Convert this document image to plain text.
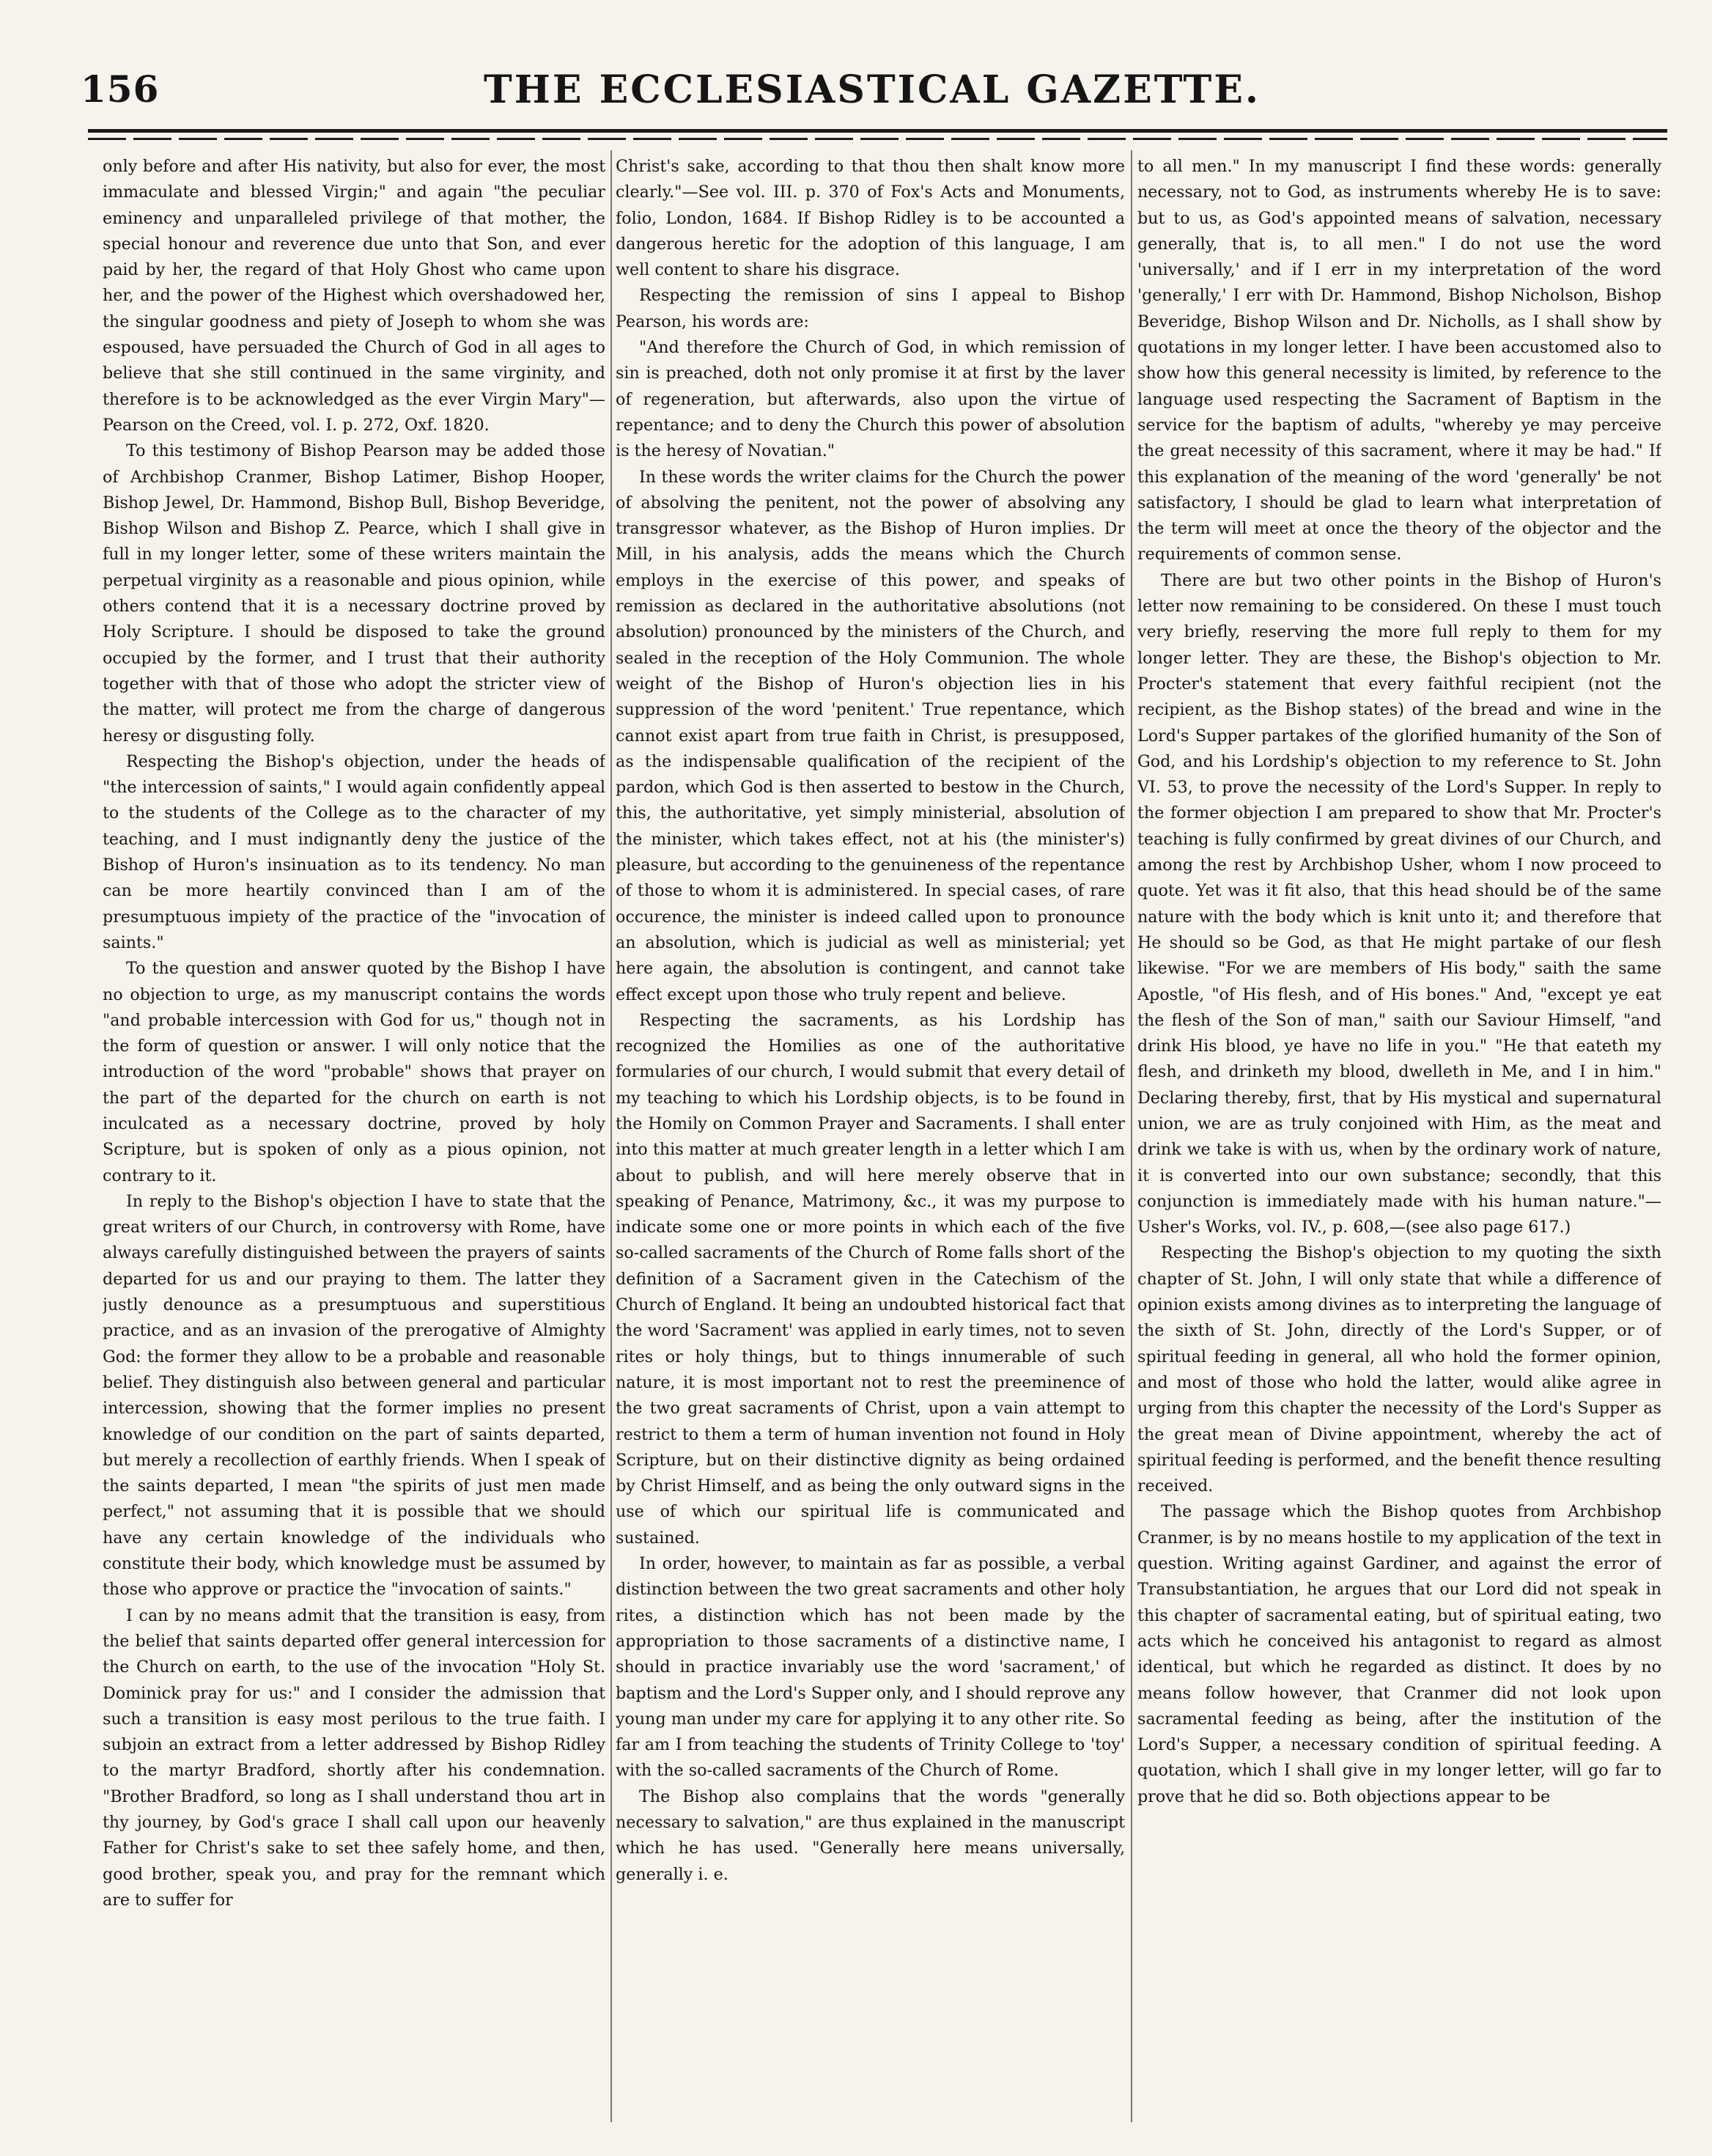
156	THE ECCLESIASTICAL GAZETTE.

only before and after His nativity, but also for ever, the most immaculate and blessed Virgin;" and again "the peculiar eminency and unparalleled privilege of that mother, the special honour and reverence due unto that Son, and ever paid by her, the regard of that Holy Ghost who came upon her, and the power of the Highest which overshadowed her, the singular goodness and piety of Joseph to whom she was espoused, have persuaded the Church of God in all ages to believe that she still continued in the same virginity, and therefore is to be acknowledged as the ever Virgin Mary"—Pearson on the Creed, vol. I. p. 272, Oxf. 1820.

To this testimony of Bishop Pearson may be added those of Archbishop Cranmer, Bishop Latimer, Bishop Hooper, Bishop Jewel, Dr. Hammond, Bishop Bull, Bishop Beveridge, Bishop Wilson and Bishop Z. Pearce, which I shall give in full in my longer letter, some of these writers maintain the perpetual virginity as a reasonable and pious opinion, while others contend that it is a necessary doctrine proved by Holy Scripture. I should be disposed to take the ground occupied by the former, and I trust that their authority together with that of those who adopt the stricter view of the matter, will protect me from the charge of dangerous heresy or disgusting folly.

Respecting the Bishop's objection, under the heads of "the intercession of saints," I would again confidently appeal to the students of the College as to the character of my teaching, and I must indignantly deny the justice of the Bishop of Huron's insinuation as to its tendency. No man can be more heartily convinced than I am of the presumptuous impiety of the practice of the "invocation of saints."

To the question and answer quoted by the Bishop I have no objection to urge, as my manuscript contains the words "and probable intercession with God for us," though not in the form of question or answer. I will only notice that the introduction of the word "probable" shows that prayer on the part of the departed for the church on earth is not inculcated as a necessary doctrine, proved by holy Scripture, but is spoken of only as a pious opinion, not contrary to it.

In reply to the Bishop's objection I have to state that the great writers of our Church, in controversy with Rome, have always carefully distinguished between the prayers of saints departed for us and our praying to them. The latter they justly denounce as a presumptuous and superstitious practice, and as an invasion of the prerogative of Almighty God: the former they allow to be a probable and reasonable belief. They distinguish also between general and particular intercession, showing that the former implies no present knowledge of our condition on the part of saints departed, but merely a recollection of earthly friends. When I speak of the saints departed, I mean "the spirits of just men made perfect," not assuming that it is possible that we should have any certain knowledge of the individuals who constitute their body, which knowledge must be assumed by those who approve or practice the "invocation of saints."

I can by no means admit that the transition is easy, from the belief that saints departed offer general intercession for the Church on earth, to the use of the invocation "Holy St. Dominick pray for us:" and I consider the admission that such a transition is easy most perilous to the true faith. I subjoin an extract from a letter addressed by Bishop Ridley to the martyr Bradford, shortly after his condemnation. "Brother Bradford, so long as I shall understand thou art in thy journey, by God's grace I shall call upon our heavenly Father for Christ's sake to set thee safely home, and then, good brother, speak you, and pray for the remnant which are to suffer for

Christ's sake, according to that thou then shalt know more clearly."—See vol. III. p. 370 of Fox's Acts and Monuments, folio, London, 1684. If Bishop Ridley is to be accounted a dangerous heretic for the adoption of this language, I am well content to share his disgrace.

Respecting the remission of sins I appeal to Bishop Pearson, his words are:

"And therefore the Church of God, in which remission of sin is preached, doth not only promise it at first by the laver of regeneration, but afterwards, also upon the virtue of repentance; and to deny the Church this power of absolution is the heresy of Novatian."

In these words the writer claims for the Church the power of absolving the penitent, not the power of absolving any transgressor whatever, as the Bishop of Huron implies. Dr Mill, in his analysis, adds the means which the Church employs in the exercise of this power, and speaks of remission as declared in the authoritative absolutions (not absolution) pronounced by the ministers of the Church, and sealed in the reception of the Holy Communion. The whole weight of the Bishop of Huron's objection lies in his suppression of the word 'penitent.' True repentance, which cannot exist apart from true faith in Christ, is presupposed, as the indispensable qualification of the recipient of the pardon, which God is then asserted to bestow in the Church, this, the authoritative, yet simply ministerial, absolution of the minister, which takes effect, not at his (the minister's) pleasure, but according to the genuineness of the repentance of those to whom it is administered. In special cases, of rare occurence, the minister is indeed called upon to pronounce an absolution, which is judicial as well as ministerial; yet here again, the absolution is contingent, and cannot take effect except upon those who truly repent and believe.

Respecting the sacraments, as his Lordship has recognized the Homilies as one of the authoritative formularies of our church, I would submit that every detail of my teaching to which his Lordship objects, is to be found in the Homily on Common Prayer and Sacraments. I shall enter into this matter at much greater length in a letter which I am about to publish, and will here merely observe that in speaking of Penance, Matrimony, &c., it was my purpose to indicate some one or more points in which each of the five so-called sacraments of the Church of Rome falls short of the definition of a Sacrament given in the Catechism of the Church of England. It being an undoubted historical fact that the word 'Sacrament' was applied in early times, not to seven rites or holy things, but to things innumerable of such nature, it is most important not to rest the preeminence of the two great sacraments of Christ, upon a vain attempt to restrict to them a term of human invention not found in Holy Scripture, but on their distinctive dignity as being ordained by Christ Himself, and as being the only outward signs in the use of which our spiritual life is communicated and sustained.

In order, however, to maintain as far as possible, a verbal distinction between the two great sacraments and other holy rites, a distinction which has not been made by the appropriation to those sacraments of a distinctive name, I should in practice invariably use the word 'sacrament,' of baptism and the Lord's Supper only, and I should reprove any young man under my care for applying it to any other rite. So far am I from teaching the students of Trinity College to 'toy' with the so-called sacraments of the Church of Rome.

The Bishop also complains that the words "generally necessary to salvation," are thus explained in the manuscript which he has used. "Generally here means universally, generally i. e.

to all men." In my manuscript I find these words: generally necessary, not to God, as instruments whereby He is to save: but to us, as God's appointed means of salvation, necessary generally, that is, to all men." I do not use the word 'universally,' and if I err in my interpretation of the word 'generally,' I err with Dr. Hammond, Bishop Nicholson, Bishop Beveridge, Bishop Wilson and Dr. Nicholls, as I shall show by quotations in my longer letter. I have been accustomed also to show how this general necessity is limited, by reference to the language used respecting the Sacrament of Baptism in the service for the baptism of adults, "whereby ye may perceive the great necessity of this sacrament, where it may be had." If this explanation of the meaning of the word 'generally' be not satisfactory, I should be glad to learn what interpretation of the term will meet at once the theory of the objector and the requirements of common sense.

There are but two other points in the Bishop of Huron's letter now remaining to be considered. On these I must touch very briefly, reserving the more full reply to them for my longer letter. They are these, the Bishop's objection to Mr. Procter's statement that every faithful recipient (not the recipient, as the Bishop states) of the bread and wine in the Lord's Supper partakes of the glorified humanity of the Son of God, and his Lordship's objection to my reference to St. John VI. 53, to prove the necessity of the Lord's Supper. In reply to the former objection I am prepared to show that Mr. Procter's teaching is fully confirmed by great divines of our Church, and among the rest by Archbishop Usher, whom I now proceed to quote. Yet was it fit also, that this head should be of the same nature with the body which is knit unto it; and therefore that He should so be God, as that He might partake of our flesh likewise. "For we are members of His body," saith the same Apostle, "of His flesh, and of His bones." And, "except ye eat the flesh of the Son of man," saith our Saviour Himself, "and drink His blood, ye have no life in you." "He that eateth my flesh, and drinketh my blood, dwelleth in Me, and I in him." Declaring thereby, first, that by His mystical and supernatural union, we are as truly conjoined with Him, as the meat and drink we take is with us, when by the ordinary work of nature, it is converted into our own substance; secondly, that this conjunction is immediately made with his human nature."—Usher's Works, vol. IV., p. 608,—(see also page 617.)

Respecting the Bishop's objection to my quoting the sixth chapter of St. John, I will only state that while a difference of opinion exists among divines as to interpreting the language of the sixth of St. John, directly of the Lord's Supper, or of spiritual feeding in general, all who hold the former opinion, and most of those who hold the latter, would alike agree in urging from this chapter the necessity of the Lord's Supper as the great mean of Divine appointment, whereby the act of spiritual feeding is performed, and the benefit thence resulting received.

The passage which the Bishop quotes from Archbishop Cranmer, is by no means hostile to my application of the text in question. Writing against Gardiner, and against the error of Transubstantiation, he argues that our Lord did not speak in this chapter of sacramental eating, but of spiritual eating, two acts which he conceived his antagonist to regard as almost identical, but which he regarded as distinct. It does by no means follow however, that Cranmer did not look upon sacramental feeding as being, after the institution of the Lord's Supper, a necessary condition of spiritual feeding. A quotation, which I shall give in my longer letter, will go far to prove that he did so. Both objections appear to be
